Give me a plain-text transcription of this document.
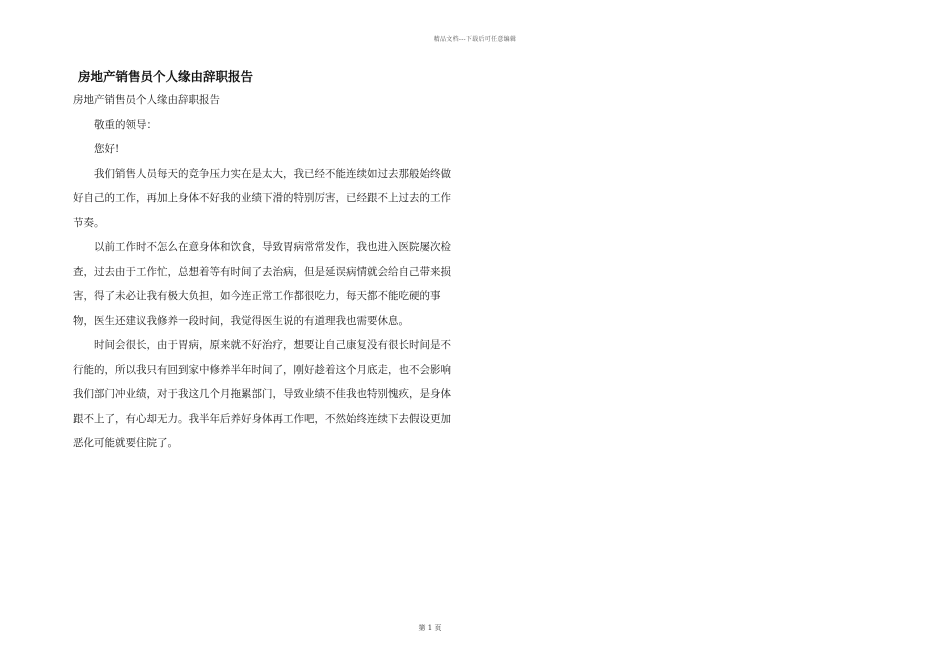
精品文档---下载后可任意编辑
房地产销售员个人缘由辞职报告

房地产销售员个人缘由辞职报告

敬重的领导：

您好!

我们销售人员每天的竞争压力实在是太大，我已经不能连续如过去那般始终做好自己的工作，再加上身体不好我的业绩下滑的特别厉害，已经跟不上过去的工作节奏。

以前工作时不怎么在意身体和饮食，导致胃病常常发作，我也进入医院屡次检查，过去由于工作忙，总想着等有时间了去治病，但是延误病情就会给自己带来损害，得了未必让我有极大负担，如今连正常工作都很吃力，每天都不能吃硬的事物，医生还建议我修养一段时间，我觉得医生说的有道理我也需要休息。

时间会很长，由于胃病，原来就不好治疗，想要让自己康复没有很长时间是不行能的，所以我只有回到家中修养半年时间了，刚好趁着这个月底走，也不会影响我们部门冲业绩，对于我这几个月拖累部门，导致业绩不佳我也特别愧疚，是身体跟不上了，有心却无力。我半年后养好身体再工作吧，不然始终连续下去假设更加恶化可能就要住院了。

第 1 页
